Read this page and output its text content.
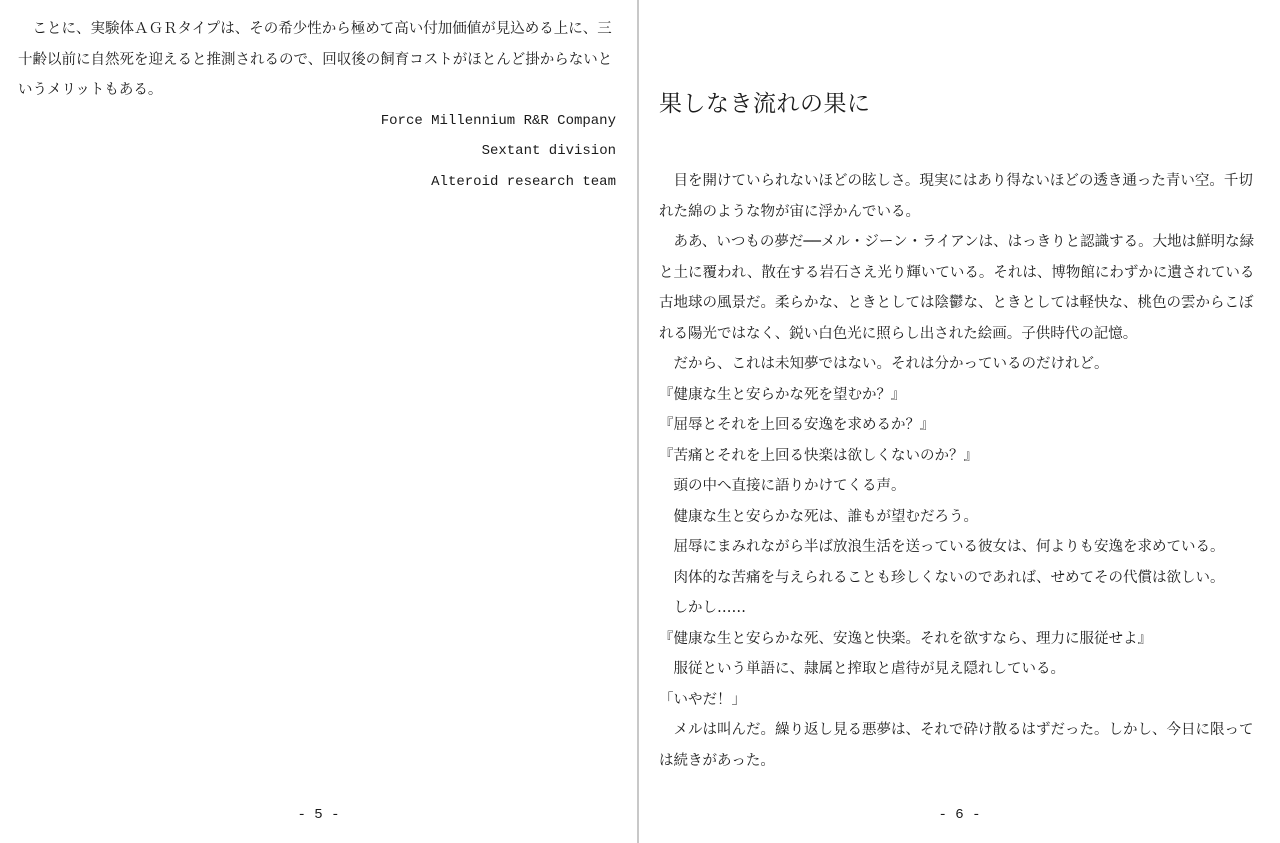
ことに、実験体ＡＧＲタイプは、その希少性から極めて高い付加価値が見込める上に、三十齢以前に自然死を迎えると推測されるので、回収後の飼育コストがほとんど掛からないというメリットもある。

Force Millennium R&R Company

Sextant division

Alteroid research team

- 5 -
果しなき流れの果に

目を開けていられないほどの眩しさ。現実にはあり得ないほどの透き通った青い空。千切れた綿のような物が宙に浮かんでいる。

ああ、いつもの夢だ──メル・ジーン・ライアンは、はっきりと認識する。大地は鮮明な緑と土に覆われ、散在する岩石さえ光り輝いている。それは、博物館にわずかに遺されている古地球の風景だ。柔らかな、ときとしては陰鬱な、ときとしては軽快な、桃色の雲からこぼれる陽光ではなく、鋭い白色光に照らし出された絵画。子供時代の記憶。

だから、これは未知夢ではない。それは分かっているのだけれど。

『健康な生と安らかな死を望むか？』

『屈辱とそれを上回る安逸を求めるか？』

『苦痛とそれを上回る快楽は欲しくないのか？』

頭の中へ直接に語りかけてくる声。

健康な生と安らかな死は、誰もが望むだろう。

屈辱にまみれながら半ば放浪生活を送っている彼女は、何よりも安逸を求めている。

肉体的な苦痛を与えられることも珍しくないのであれば、せめてその代償は欲しい。

しかし……

『健康な生と安らかな死、安逸と快楽。それを欲すなら、理力に服従せよ』

服従という単語に、隷属と搾取と虐待が見え隠れしている。

「いやだ！」

メルは叫んだ。繰り返し見る悪夢は、それで砕け散るはずだった。しかし、今日に限っては続きがあった。

- 6 -
